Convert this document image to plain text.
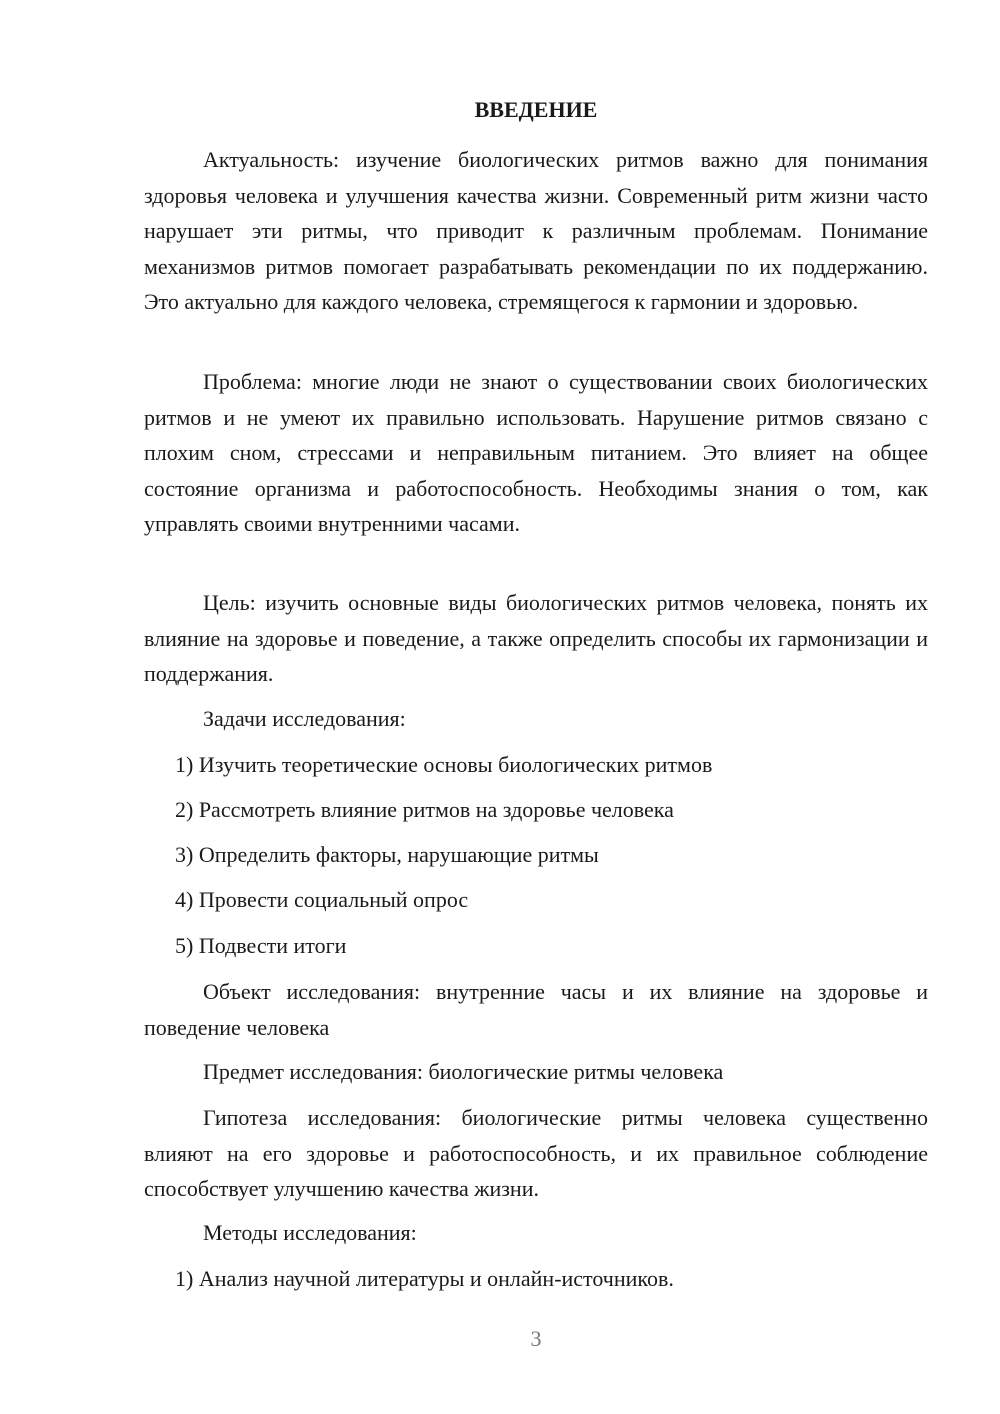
ВВЕДЕНИЕ

Актуальность: изучение биологических ритмов важно для понимания здоровья человека и улучшения качества жизни. Современный ритм жизни часто нарушает эти ритмы, что приводит к различным проблемам. Понимание механизмов ритмов помогает разрабатывать рекомендации по их поддержанию. Это актуально для каждого человека, стремящегося к гармонии и здоровью.

Проблема: многие люди не знают о существовании своих биологических ритмов и не умеют их правильно использовать. Нарушение ритмов связано с плохим сном, стрессами и неправильным питанием. Это влияет на общее состояние организма и работоспособность. Необходимы знания о том, как управлять своими внутренними часами.

Цель: изучить основные виды биологических ритмов человека, понять их влияние на здоровье и поведение, а также определить способы их гармонизации и поддержания.

Задачи исследования:

1) Изучить теоретические основы биологических ритмов

2) Рассмотреть влияние ритмов на здоровье человека

3) Определить факторы, нарушающие ритмы

4) Провести социальный опрос

5) Подвести итоги

Объект исследования: внутренние часы и их влияние на здоровье и поведение человека

Предмет исследования: биологические ритмы человека

Гипотеза исследования: биологические ритмы человека существенно влияют на его здоровье и работоспособность, и их правильное соблюдение способствует улучшению качества жизни.

Методы исследования:

1) Анализ научной литературы и онлайн-источников.

3
